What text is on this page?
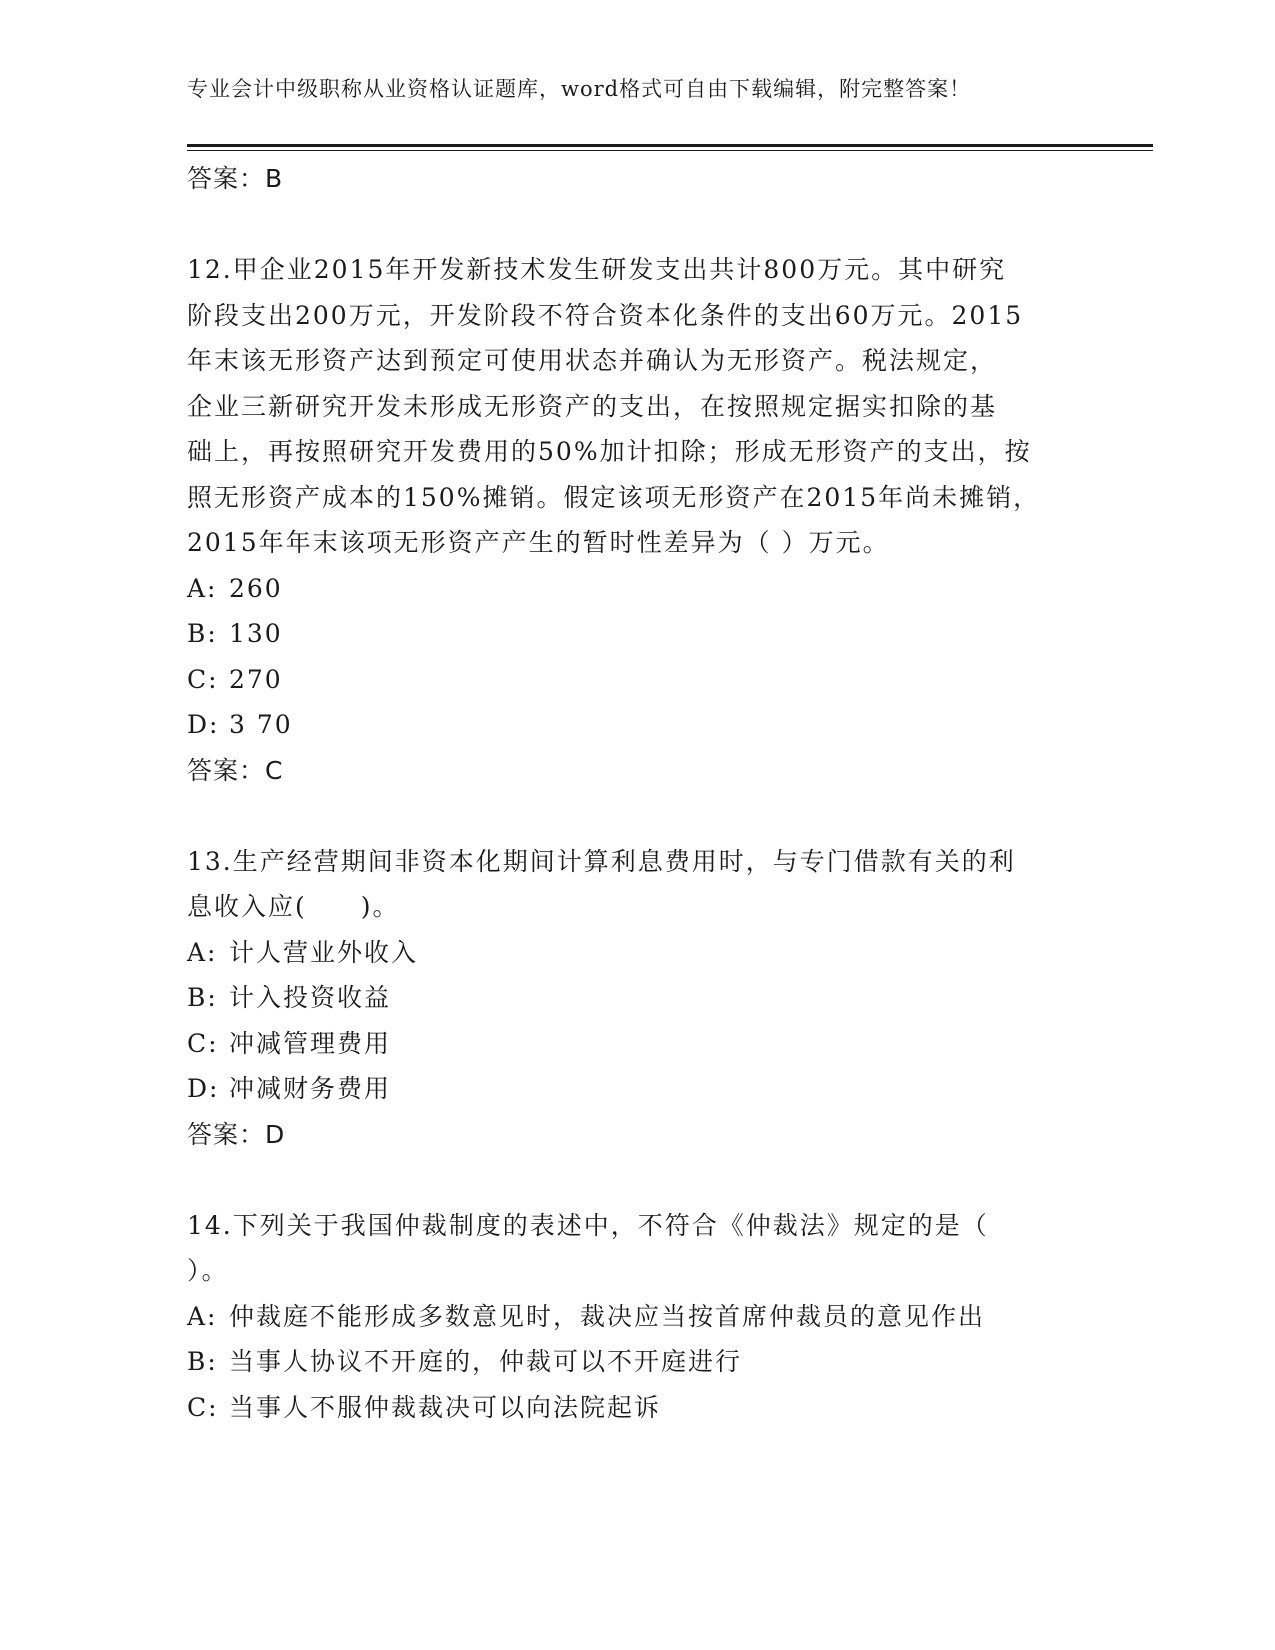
专业会计中级职称从业资格认证题库，word格式可自由下载编辑，附完整答案！
答案：B
12.甲企业2015年开发新技术发生研发支出共计800万元。其中研究
阶段支出200万元，开发阶段不符合资本化条件的支出60万元。2015
年末该无形资产达到预定可使用状态并确认为无形资产。税法规定，
企业三新研究开发未形成无形资产的支出，在按照规定据实扣除的基
础上，再按照研究开发费用的50%加计扣除；形成无形资产的支出，按
照无形资产成本的150%摊销。假定该项无形资产在2015年尚未摊销，
2015年年末该项无形资产产生的暂时性差异为（ ）万元。
A: 260
B: 130
C: 270
D: 3 70
答案：C
13.生产经营期间非资本化期间计算利息费用时，与专门借款有关的利
息收入应(　　)。
A: 计人营业外收入
B: 计入投资收益
C: 冲减管理费用
D: 冲减财务费用
答案：D
14.下列关于我国仲裁制度的表述中，不符合《仲裁法》规定的是（
）。
A: 仲裁庭不能形成多数意见时，裁决应当按首席仲裁员的意见作出
B: 当事人协议不开庭的，仲裁可以不开庭进行
C: 当事人不服仲裁裁决可以向法院起诉
